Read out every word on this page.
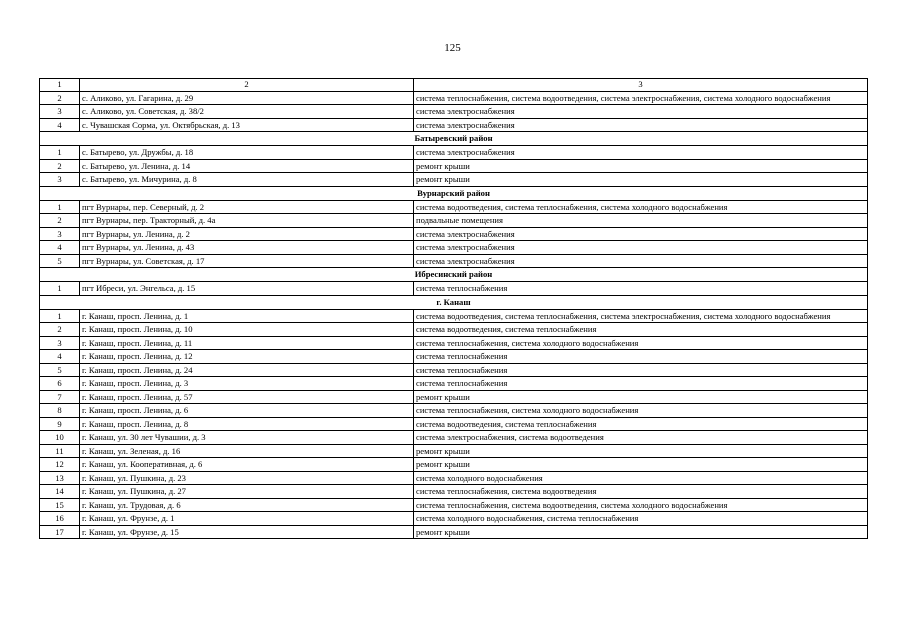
125
1	2	3
2	с. Аликово, ул. Гагарина, д. 29	система теплоснабжения, система водоотведения, система электроснабжения, система холодного водоснабжения
3	с. Аликово, ул. Советская, д. 38/2	система электроснабжения
4	с. Чувашская Сорма, ул. Октябрьская, д. 13	система электроснабжения
Батыревский район		
1	с. Батырево, ул. Дружбы, д. 18	система электроснабжения
2	с. Батырево, ул. Ленина, д. 14	ремонт крыши
3	с. Батырево, ул. Мичурина, д. 8	ремонт крыши
Вурнарский район		
1	пгт Вурнары, пер. Северный, д. 2	система водоотведения, система теплоснабжения, система холодного водоснабжения
2	пгт Вурнары, пер. Тракторный, д. 4а	подвальные помещения
3	пгт Вурнары, ул. Ленина, д. 2	система электроснабжения
4	пгт Вурнары, ул. Ленина, д. 43	система электроснабжения
5	пгт Вурнары, ул. Советская, д. 17	система электроснабжения
Ибресинский район		
1	пгт Ибреси, ул. Энгельса, д. 15	система теплоснабжения
г. Канаш		
1	г. Канаш, просп. Ленина, д. 1	система водоотведения, система теплоснабжения, система электроснабжения, система холодного водоснабжения
2	г. Канаш, просп. Ленина, д. 10	система водоотведения, система теплоснабжения
3	г. Канаш, просп. Ленина, д. 11	система теплоснабжения, система холодного водоснабжения
4	г. Канаш, просп. Ленина, д. 12	система теплоснабжения
5	г. Канаш, просп. Ленина, д. 24	система теплоснабжения
6	г. Канаш, просп. Ленина, д. 3	система теплоснабжения
7	г. Канаш, просп. Ленина, д. 57	ремонт крыши
8	г. Канаш, просп. Ленина, д. 6	система теплоснабжения, система холодного водоснабжения
9	г. Канаш, просп. Ленина, д. 8	система водоотведения, система теплоснабжения
10	г. Канаш, ул. 30 лет Чувашии, д. 3	система электроснабжения, система водоотведения
11	г. Канаш, ул. Зеленая, д. 16	ремонт крыши
12	г. Канаш, ул. Кооперативная, д. 6	ремонт крыши
13	г. Канаш, ул. Пушкина, д. 23	система холодного водоснабжения
14	г. Канаш, ул. Пушкина, д. 27	система теплоснабжения, система водоотведения
15	г. Канаш, ул. Трудовая, д. 6	система теплоснабжения, система водоотведения, система холодного водоснабжения
16	г. Канаш, ул. Фрунзе, д. 1	система холодного водоснабжения, система теплоснабжения
17	г. Канаш, ул. Фрунзе, д. 15	ремонт крыши
